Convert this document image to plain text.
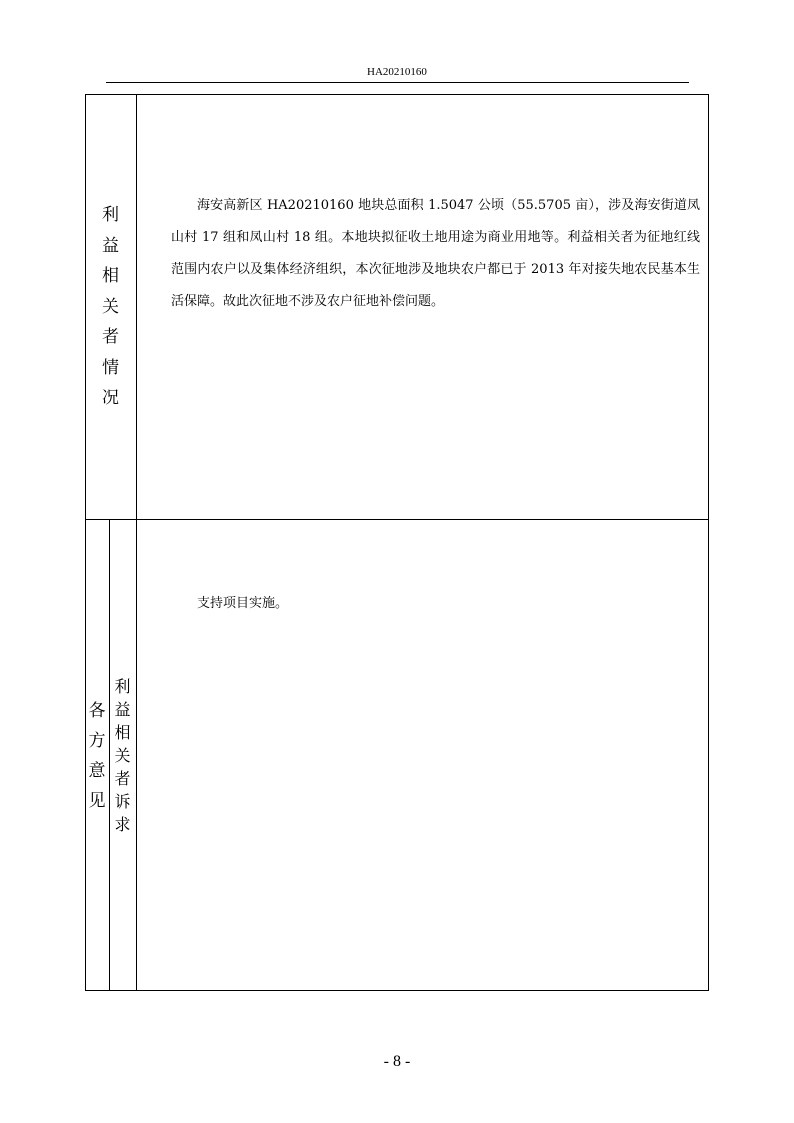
HA20210160
利
益
相
关
者
情
况

海安高新区 HA20210160 地块总面积 1.5047 公顷（55.5705 亩），涉及海安街道凤山村 17 组和凤山村 18 组。本地块拟征收土地用途为商业用地等。利益相关者为征地红线范围内农户以及集体经济组织，本次征地涉及地块农户都已于 2013 年对接失地农民基本生活保障。故此次征地不涉及农户征地补偿问题。

各
方
意
见
利
益
相
关
者
诉
求

支持项目实施。

- 8 -
